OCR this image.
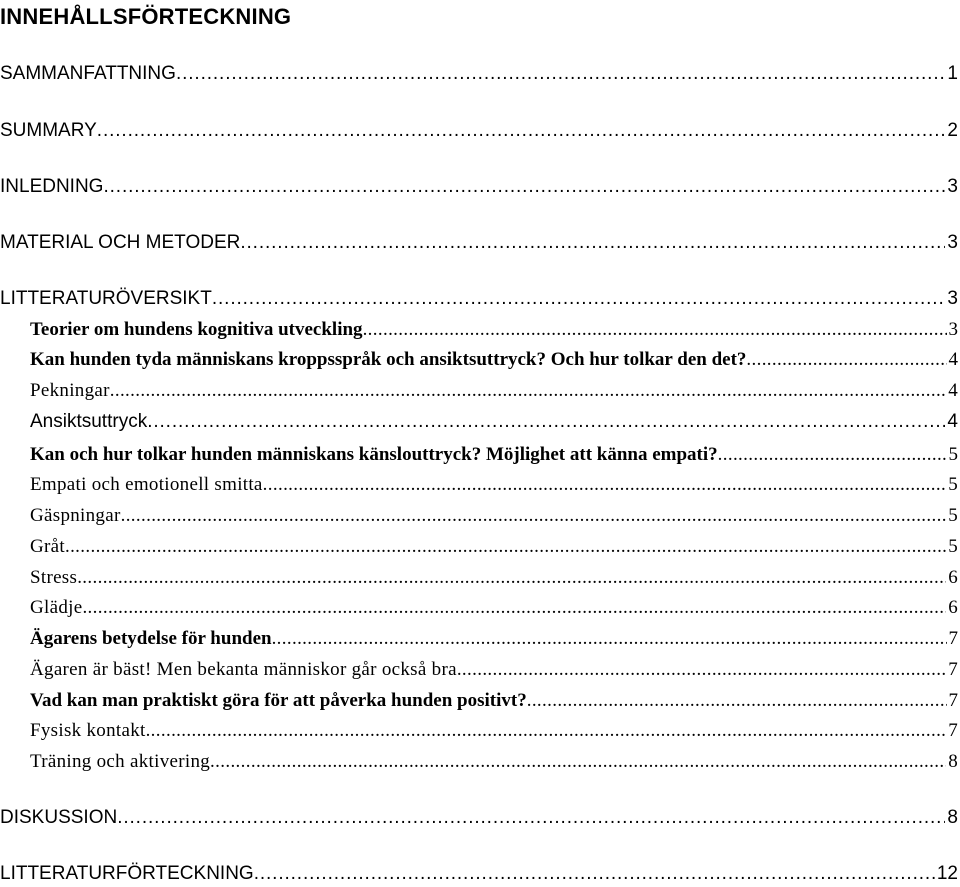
INNEHÅLLSFÖRTECKNING
SAMMANFATTNING . . .	1
SUMMARY . . .	2
INLEDNING . . .	3
MATERIAL OCH METODER . . .	3
LITTERATURÖVERSIKT . . .	3
Teorier om hundens kognitiva utveckling . . .	3
Kan hunden tyda människans kroppsspråk och ansiktsuttryck? Och hur tolkar den det? . . .	4
Pekningar . . .	4
Ansiktsuttryck . . .	4
Kan och hur tolkar hunden människans känslouttryck? Möjlighet att känna empati? . . .	5
Empati och emotionell smitta . . .	5
Gäspningar . . .	5
Gråt . . .	5
Stress . . .	6
Glädje . . .	6
Ägarens betydelse för hunden . . .	7
Ägaren är bäst! Men bekanta människor går också bra . . .	7
Vad kan man praktiskt göra för att påverka hunden positivt? . . .	7
Fysisk kontakt . . .	7
Träning och aktivering . . .	8
DISKUSSION . . .	8
LITTERATURFÖRTECKNING . . .	12
